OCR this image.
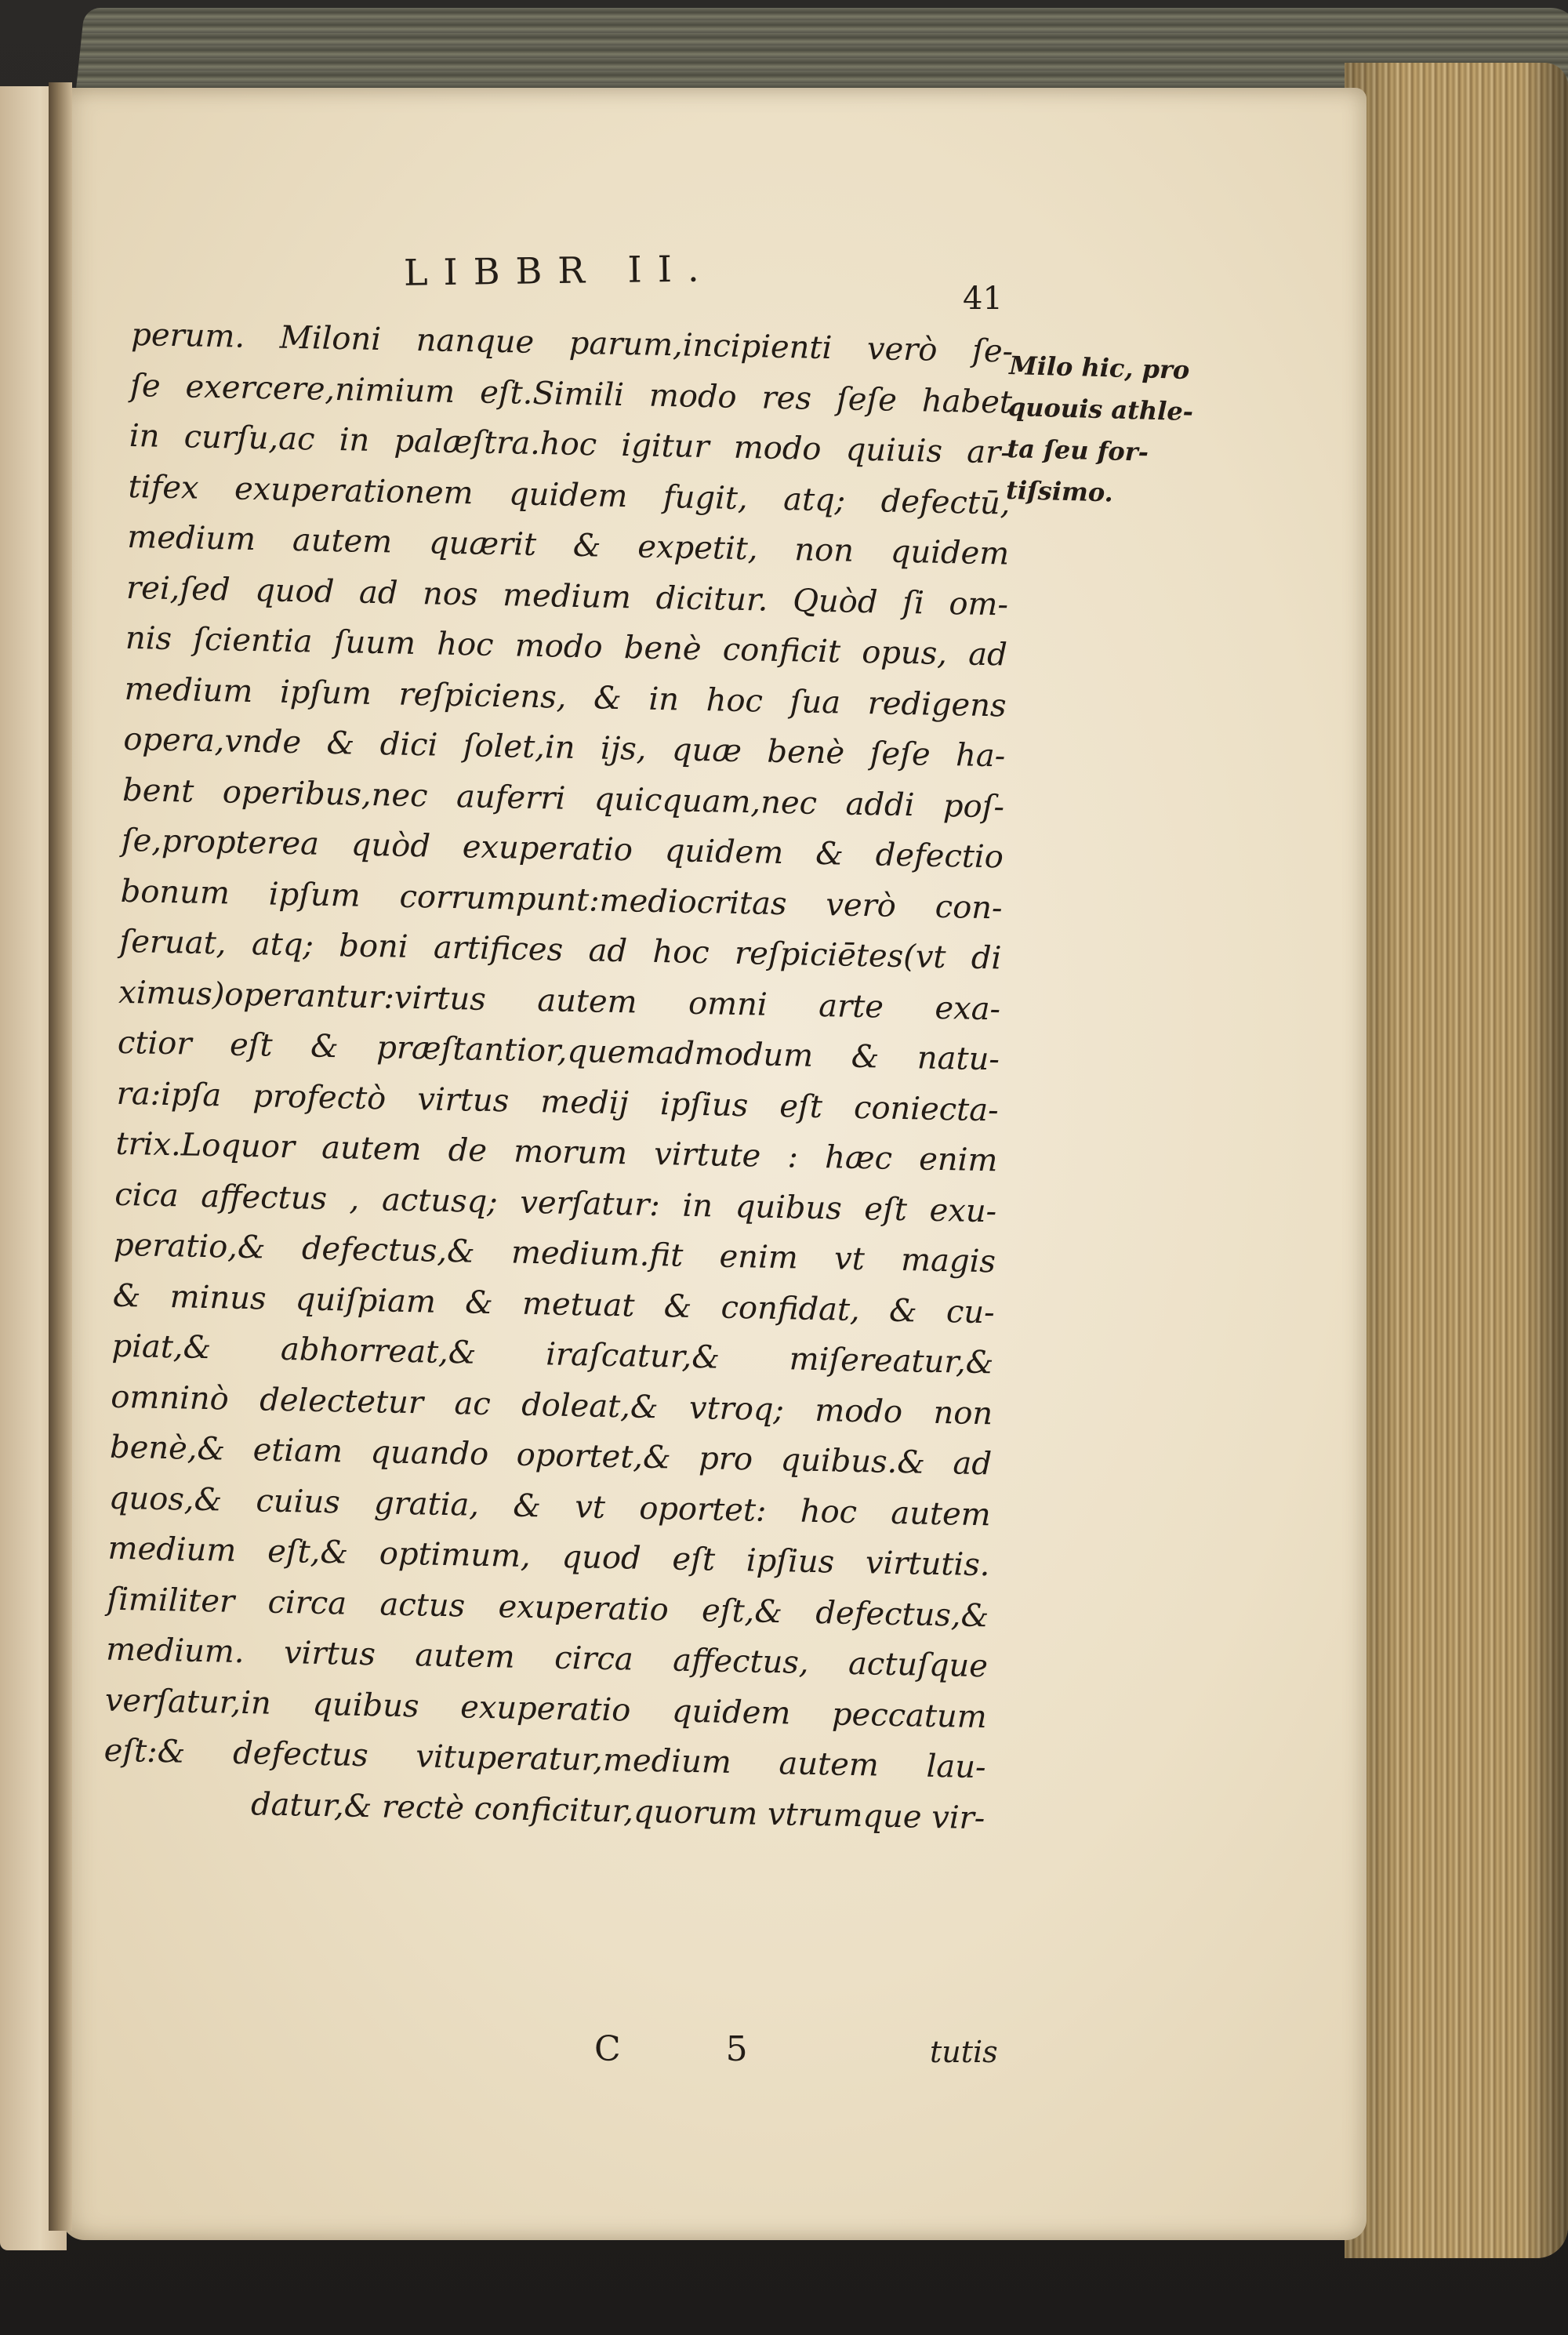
LIBBR II.
41
perum. Miloni nanque parum,incipienti verò ſe-
ſe exercere,nimium eſt.Simili modo res ſeſe habet
in curſu,ac in palæſtra.hoc igitur modo quiuis ar-
tifex exuperationem quidem fugit, atq; defectū,
medium autem quærit & expetit, non quidem
rei,ſed quod ad nos medium dicitur. Quòd ſi om-
nis ſcientia ſuum hoc modo benè conficit opus, ad
medium ipſum reſpiciens, & in hoc ſua redigens
opera,vnde & dici ſolet,in ijs, quæ benè ſeſe ha-
bent operibus,nec auferri quicquam,nec addi poſ-
ſe,propterea quòd exuperatio quidem & defectio
bonum ipſum corrumpunt:mediocritas verò con-
ſeruat, atq; boni artifices ad hoc reſpiciētes(vt di
ximus)operantur:virtus autem omni arte exa-
ctior eſt & præſtantior,quemadmodum & natu-
ra:ipſa profectò virtus medij ipſius eſt coniecta-
trix.Loquor autem de morum virtute : hæc enim
cica affectus , actusq; verſatur: in quibus eſt exu-
peratio,& defectus,& medium.fit enim vt magis
& minus quiſpiam & metuat & confidat, & cu-
piat,& abhorreat,& iraſcatur,& miſereatur,&
omninò delectetur ac doleat,& vtroq; modo non
benè,& etiam quando oportet,& pro quibus.& ad
quos,& cuius gratia, & vt oportet: hoc autem
medium eſt,& optimum, quod eſt ipſius virtutis.
ſimiliter circa actus exuperatio eſt,& defectus,&
medium. virtus autem circa affectus, actuſque
verſatur,in quibus exuperatio quidem peccatum
eſt:& defectus vituperatur,medium autem lau-
datur,& rectè conficitur,quorum vtrumque vir-
Milo hic, pro
quouis athle-
ta ſeu for-
tiſsimo.
C 5	tutis
